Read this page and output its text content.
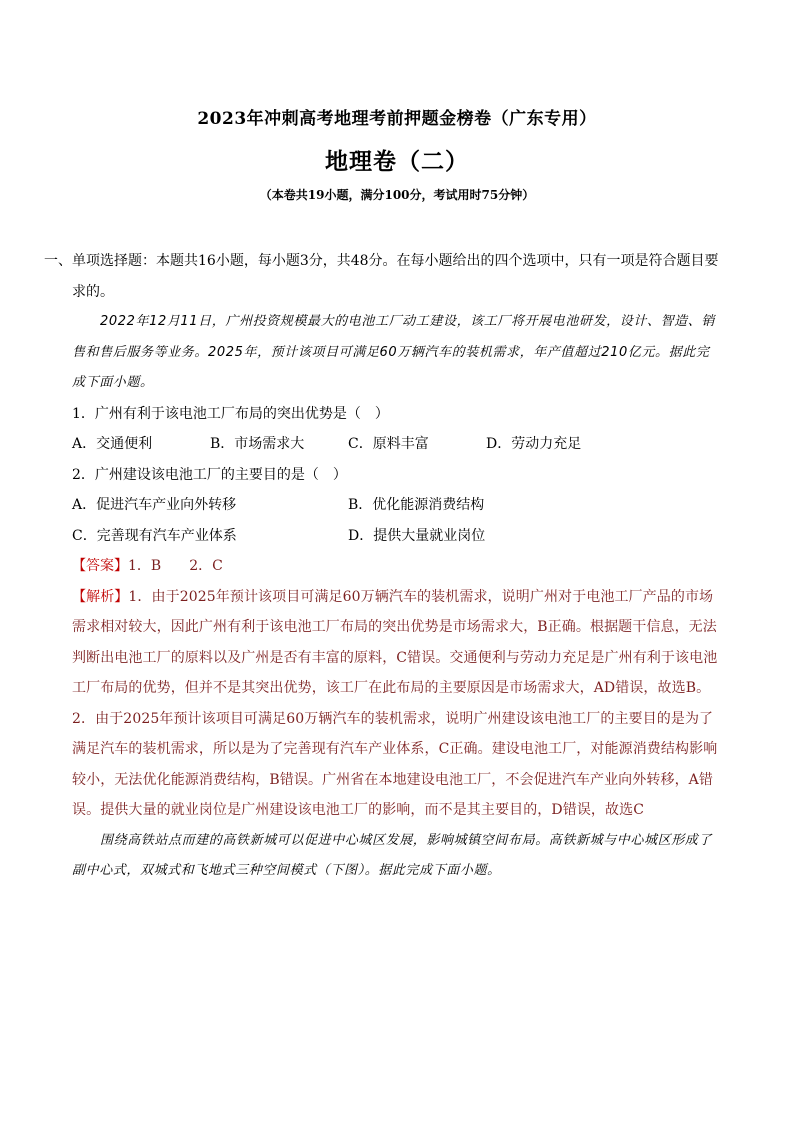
2023年冲刺高考地理考前押题金榜卷（广东专用）
地理卷（二）
（本卷共19小题，满分100分，考试用时75分钟）

一、单项选择题：本题共16小题，每小题3分，共48分。在每小题给出的四个选项中，只有一项是符合题目要求的。

2022年12月11日，广州投资规模最大的电池工厂动工建设，该工厂将开展电池研发，设计、智造、销售和售后服务等业务。2025年，预计该项目可满足60万辆汽车的装机需求，年产值超过210亿元。据此完成下面小题。

1．广州有利于该电池工厂布局的突出优势是（　）

A．交通便利	B．市场需求大	C．原料丰富	D．劳动力充足

2．广州建设该电池工厂的主要目的是（　）

A．促进汽车产业向外转移	B．优化能源消费结构
C．完善现有汽车产业体系	D．提供大量就业岗位

【答案】1．B　　2．C

【解析】1．由于2025年预计该项目可满足60万辆汽车的装机需求，说明广州对于电池工厂产品的市场需求相对较大，因此广州有利于该电池工厂布局的突出优势是市场需求大，B正确。根据题干信息，无法判断出电池工厂的原料以及广州是否有丰富的原料，C错误。交通便利与劳动力充足是广州有利于该电池工厂布局的优势，但并不是其突出优势，该工厂在此布局的主要原因是市场需求大，AD错误，故选B。

2．由于2025年预计该项目可满足60万辆汽车的装机需求，说明广州建设该电池工厂的主要目的是为了满足汽车的装机需求，所以是为了完善现有汽车产业体系，C正确。建设电池工厂，对能源消费结构影响较小，无法优化能源消费结构，B错误。广州省在本地建设电池工厂，不会促进汽车产业向外转移，A错误。提供大量的就业岗位是广州建设该电池工厂的影响，而不是其主要目的，D错误，故选C

围绕高铁站点而建的高铁新城可以促进中心城区发展，影响城镇空间布局。高铁新城与中心城区形成了副中心式，双城式和飞地式三种空间模式（下图）。据此完成下面小题。
